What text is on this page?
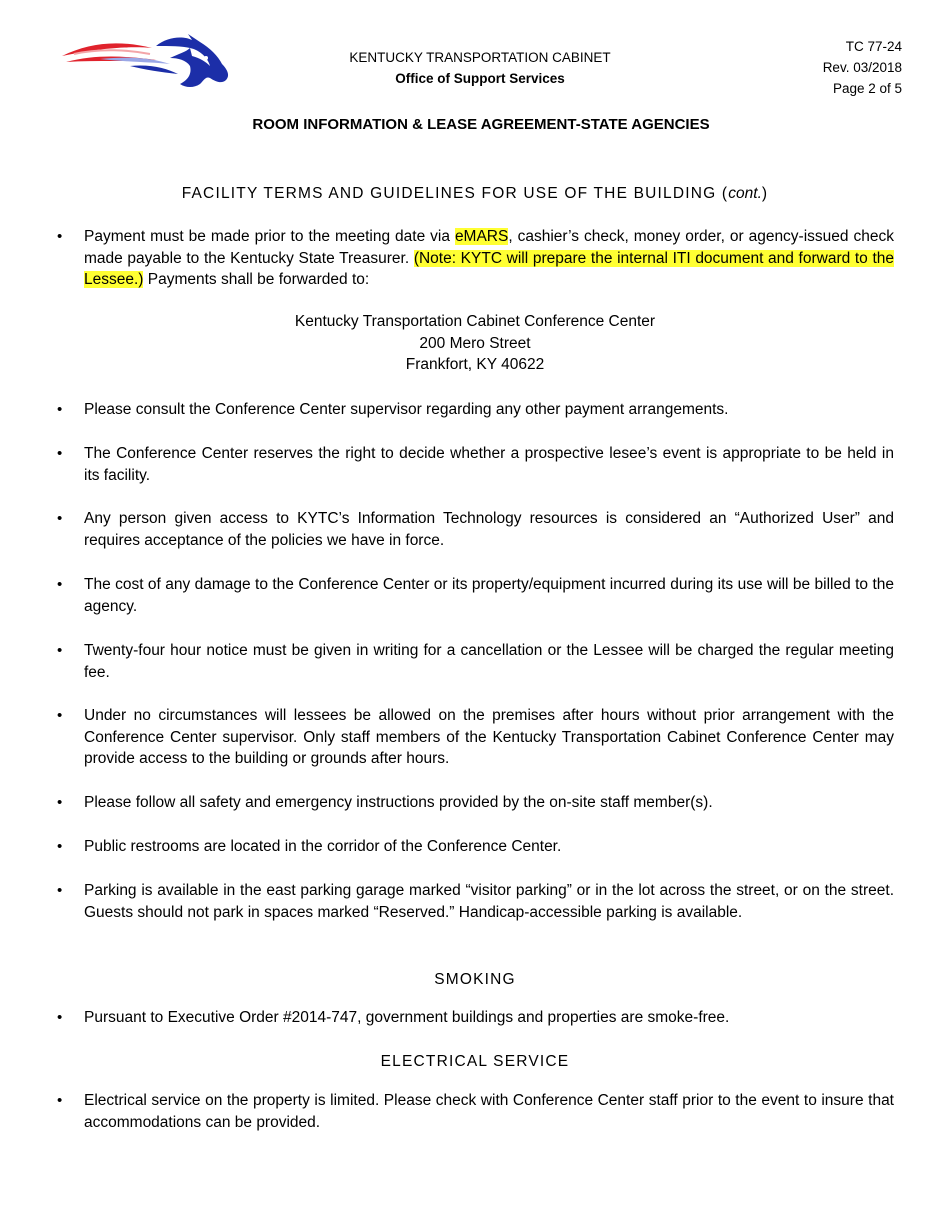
KENTUCKY TRANSPORTATION CABINET
Office of Support Services
TC 77-24
Rev. 03/2018
Page 2 of 5
ROOM INFORMATION & LEASE AGREEMENT-STATE AGENCIES
FACILITY TERMS AND GUIDELINES FOR USE OF THE BUILDING (cont.)
• Payment must be made prior to the meeting date via eMARS, cashier’s check, money order, or agency-issued check made payable to the Kentucky State Treasurer. (Note: KYTC will prepare the internal ITI document and forward to the Lessee.) Payments shall be forwarded to:
Kentucky Transportation Cabinet Conference Center
200 Mero Street
Frankfort, KY 40622
• Please consult the Conference Center supervisor regarding any other payment arrangements.
• The Conference Center reserves the right to decide whether a prospective lesee’s event is appropriate to be held in its facility.
• Any person given access to KYTC’s Information Technology resources is considered an “Authorized User” and requires acceptance of the policies we have in force.
• The cost of any damage to the Conference Center or its property/equipment incurred during its use will be billed to the agency.
• Twenty-four hour notice must be given in writing for a cancellation or the Lessee will be charged the regular meeting fee.
• Under no circumstances will lessees be allowed on the premises after hours without prior arrangement with the Conference Center supervisor. Only staff members of the Kentucky Transportation Cabinet Conference Center may provide access to the building or grounds after hours.
• Please follow all safety and emergency instructions provided by the on-site staff member(s).
• Public restrooms are located in the corridor of the Conference Center.
• Parking is available in the east parking garage marked “visitor parking” or in the lot across the street, or on the street. Guests should not park in spaces marked “Reserved.” Handicap-accessible parking is available.
SMOKING
• Pursuant to Executive Order #2014-747, government buildings and properties are smoke-free.
ELECTRICAL SERVICE
• Electrical service on the property is limited. Please check with Conference Center staff prior to the event to insure that accommodations can be provided.
